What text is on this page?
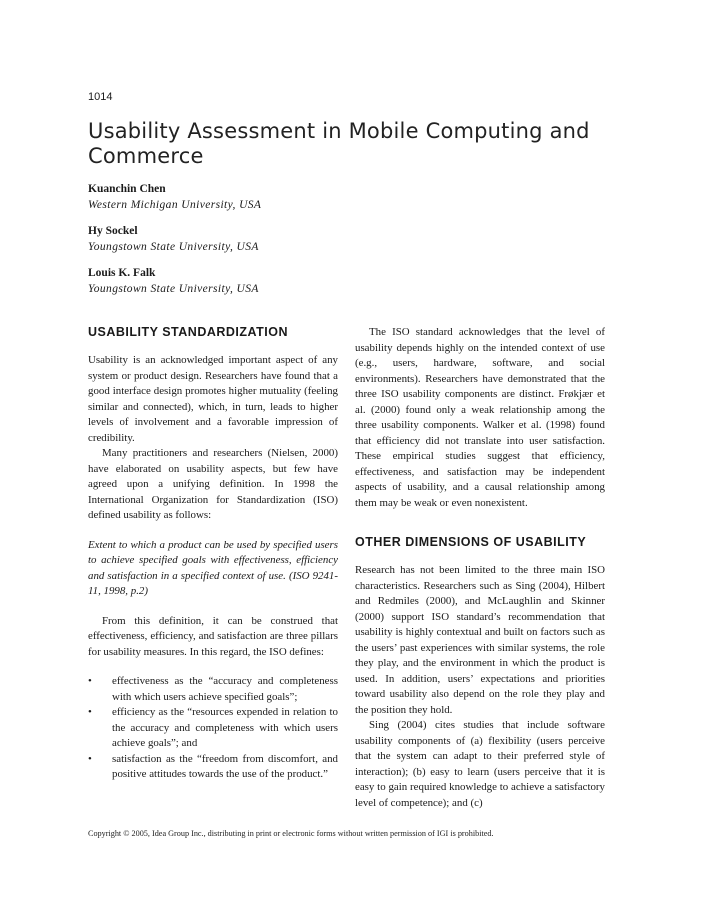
1014
Usability Assessment in Mobile Computing and Commerce
Kuanchin Chen
Western Michigan University, USA
Hy Sockel
Youngstown State University, USA
Louis K. Falk
Youngstown State University, USA
USABILITY STANDARDIZATION

Usability is an acknowledged important aspect of any system or product design. Researchers have found that a good interface design promotes higher mutuality (feeling similar and connected), which, in turn, leads to higher levels of involvement and a favorable impression of credibility.

Many practitioners and researchers (Nielsen, 2000) have elaborated on usability aspects, but few have agreed upon a unifying definition. In 1998 the International Organization for Standardization (ISO) defined usability as follows:

Extent to which a product can be used by specified users to achieve specified goals with effectiveness, efficiency and satisfaction in a specified context of use. (ISO 9241-11, 1998, p.2)

From this definition, it can be construed that effectiveness, efficiency, and satisfaction are three pillars for usability measures. In this regard, the ISO defines:

• effectiveness as the “accuracy and completeness with which users achieve specified goals”;
• efficiency as the “resources expended in relation to the accuracy and completeness with which users achieve goals”; and
• satisfaction as the “freedom from discomfort, and positive attitudes towards the use of the product.”

The ISO standard acknowledges that the level of usability depends highly on the intended context of use (e.g., users, hardware, software, and social environments). Researchers have demonstrated that the three ISO usability components are distinct. Frøkjær et al. (2000) found only a weak relationship among the three usability components. Walker et al. (1998) found that efficiency did not translate into user satisfaction. These empirical studies suggest that efficiency, effectiveness, and satisfaction may be independent aspects of usability, and a causal relationship among them may be weak or even nonexistent.

OTHER DIMENSIONS OF USABILITY

Research has not been limited to the three main ISO characteristics. Researchers such as Sing (2004), Hilbert and Redmiles (2000), and McLaughlin and Skinner (2000) support ISO standard’s recommendation that usability is highly contextual and built on factors such as the users’ past experiences with similar systems, the role they play, and the environment in which the product is used. In addition, users’ expectations and priorities toward usability also depend on the role they play and the position they hold.

Sing (2004) cites studies that include software usability components of (a) flexibility (users perceive that the system can adapt to their preferred style of interaction); (b) easy to learn (users perceive that it is easy to gain required knowledge to achieve a satisfactory level of competence); and (c)

Copyright © 2005, Idea Group Inc., distributing in print or electronic forms without written permission of IGI is prohibited.
